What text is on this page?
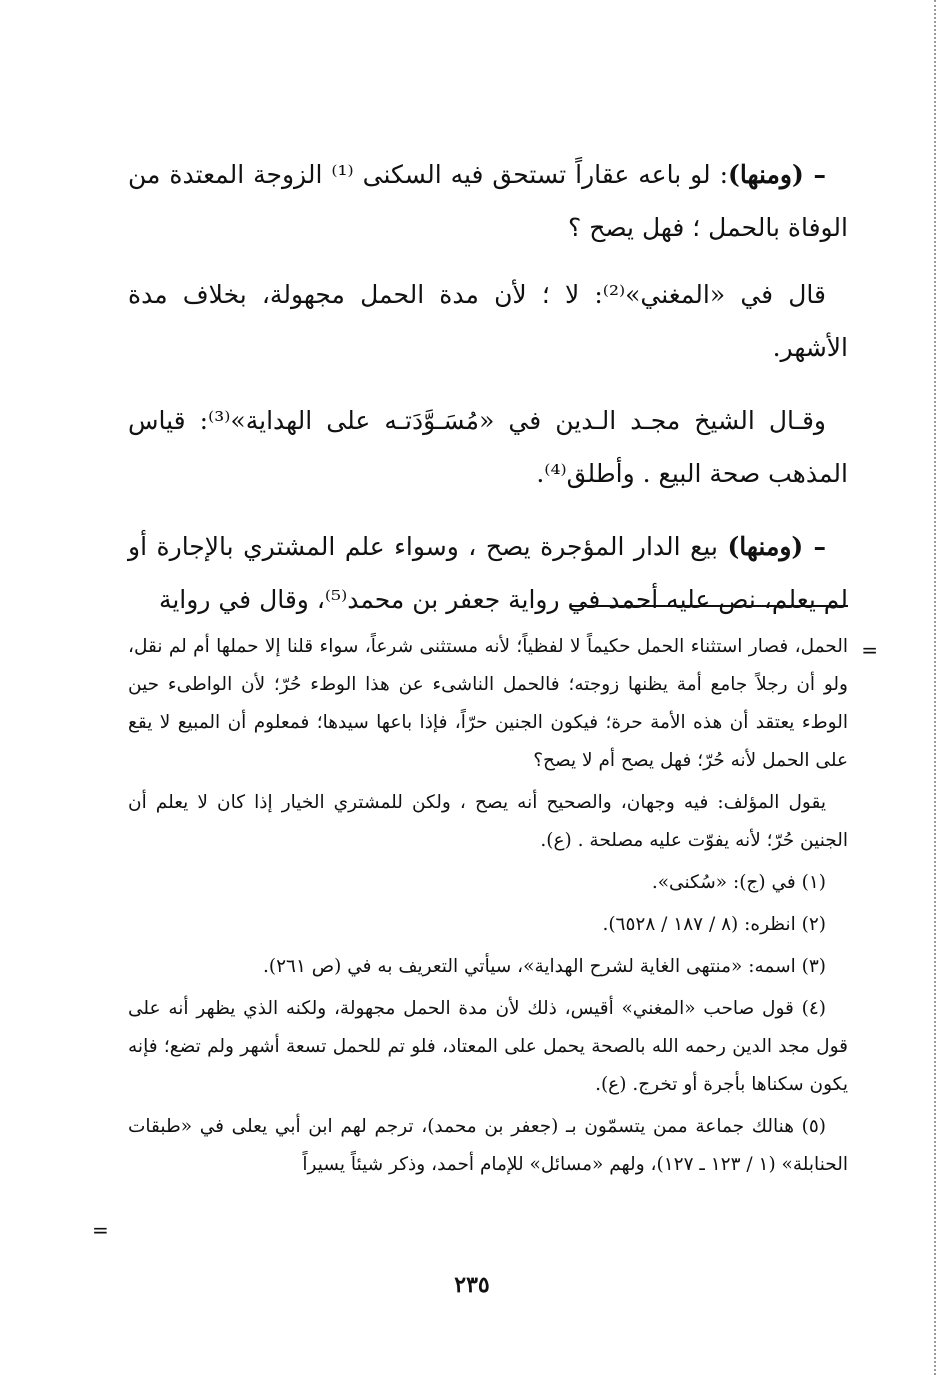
– (ومنها): لو باعه عقاراً تستحق فيه السكنى ⁽¹⁾ الزوجة المعتدة من الوفاة بالحمل ؛ فهل يصح ؟

قال في «المغني»⁽²⁾: لا ؛ لأن مدة الحمل مجهولة، بخلاف مدة الأشهر.

وقـال الشيخ مجـد الـدين في «مُسَـوَّدَتـه على الهداية»⁽³⁾: قياس المذهب صحة البيع . وأطلق⁽⁴⁾.

– (ومنها) بيع الدار المؤجرة يصح ، وسواء علم المشتري بالإجارة أو لم يعلم، نص عليه أحمد في رواية جعفر بن محمد⁽⁵⁾، وقال في رواية

=

الحمل، فصار استثناء الحمل حكيماً لا لفظياً؛ لأنه مستثنى شرعاً، سواء قلنا إلا حملها أم لم نقل، ولو أن رجلاً جامع أمة يظنها زوجته؛ فالحمل الناشىء عن هذا الوطء حُرّ؛ لأن الواطىء حين الوطء يعتقد أن هذه الأمة حرة؛ فيكون الجنين حرّاً، فإذا باعها سيدها؛ فمعلوم أن المبيع لا يقع على الحمل لأنه حُرّ؛ فهل يصح أم لا يصح؟

يقول المؤلف: فيه وجهان، والصحيح أنه يصح ، ولكن للمشتري الخيار إذا كان لا يعلم أن الجنين حُرّ؛ لأنه يفوّت عليه مصلحة . (ع).

(١) في (ج): «سُكنى».

(٢) انظره: (٨ / ١٨٧ / ٦٥٢٨).

(٣) اسمه: «منتهى الغاية لشرح الهداية»، سيأتي التعريف به في (ص ٢٦١).

(٤) قول صاحب «المغني» أقيس، ذلك لأن مدة الحمل مجهولة، ولكنه الذي يظهر أنه على قول مجد الدين رحمه الله بالصحة يحمل على المعتاد، فلو تم للحمل تسعة أشهر ولم تضع؛ فإنه يكون سكناها بأجرة أو تخرج. (ع).

(٥) هنالك جماعة ممن يتسمّون بـ (جعفر بن محمد)، ترجم لهم ابن أبي يعلى في «طبقات الحنابلة» (١ / ١٢٣ ـ ١٢٧)، ولهم «مسائل» للإمام أحمد، وذكر شيئاً يسيراً

=
٢٣٥
